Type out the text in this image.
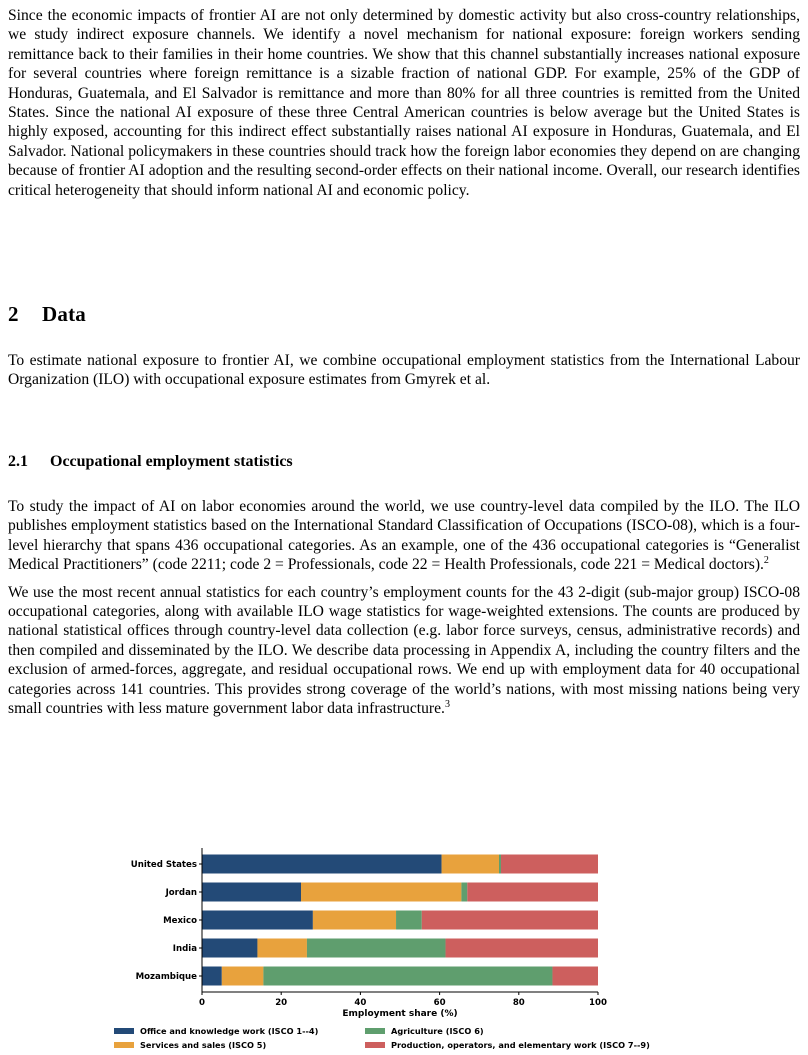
Since the economic impacts of frontier AI are not only determined by domestic activity but also cross-country relationships, we study indirect exposure channels. We identify a novel mechanism for national exposure: foreign workers sending remittance back to their families in their home countries. We show that this channel substantially increases national exposure for several countries where foreign remittance is a sizable fraction of national GDP. For example, 25% of the GDP of Honduras, Guatemala, and El Salvador is remittance and more than 80% for all three countries is remitted from the United States. Since the national AI exposure of these three Central American countries is below average but the United States is highly exposed, accounting for this indirect effect substantially raises national AI exposure in Honduras, Guatemala, and El Salvador. National policymakers in these countries should track how the foreign labor economies they depend on are changing because of frontier AI adoption and the resulting second-order effects on their national income. Overall, our research identifies critical heterogeneity that should inform national AI and economic policy.

2 Data

To estimate national exposure to frontier AI, we combine occupational employment statistics from the International Labour Organization (ILO) with occupational exposure estimates from Gmyrek et al.

2.1 Occupational employment statistics

To study the impact of AI on labor economies around the world, we use country-level data compiled by the ILO. The ILO publishes employment statistics based on the International Standard Classification of Occupations (ISCO-08), which is a four-level hierarchy that spans 436 occupational categories. As an example, one of the 436 occupational categories is “Generalist Medical Practitioners” (code 2211; code 2 = Professionals, code 22 = Health Professionals, code 221 = Medical doctors).$^2$

We use the most recent annual statistics for each country’s employment counts for the 43 2-digit (sub-major group) ISCO-08 occupational categories, along with available ILO wage statistics for wage-weighted extensions. The counts are produced by national statistical offices through country-level data collection (e.g. labor force surveys, census, administrative records) and then compiled and disseminated by the ILO. We describe data processing in Appendix A, including the country filters and the exclusion of armed-forces, aggregate, and residual occupational rows. We end up with employment data for 40 occupational categories across 141 countries. This provides strong coverage of the world’s nations, with most missing nations being very small countries with less mature government labor data infrastructure.$^3$

United States
Jordan
Mexico
India
Mozambique
0	20	40	60	80	100
Employment share (%)
Office and knowledge work (ISCO 1--4)
Services and sales (ISCO 5)
Agriculture (ISCO 6)
Production, operators, and elementary work (ISCO 7--9)
